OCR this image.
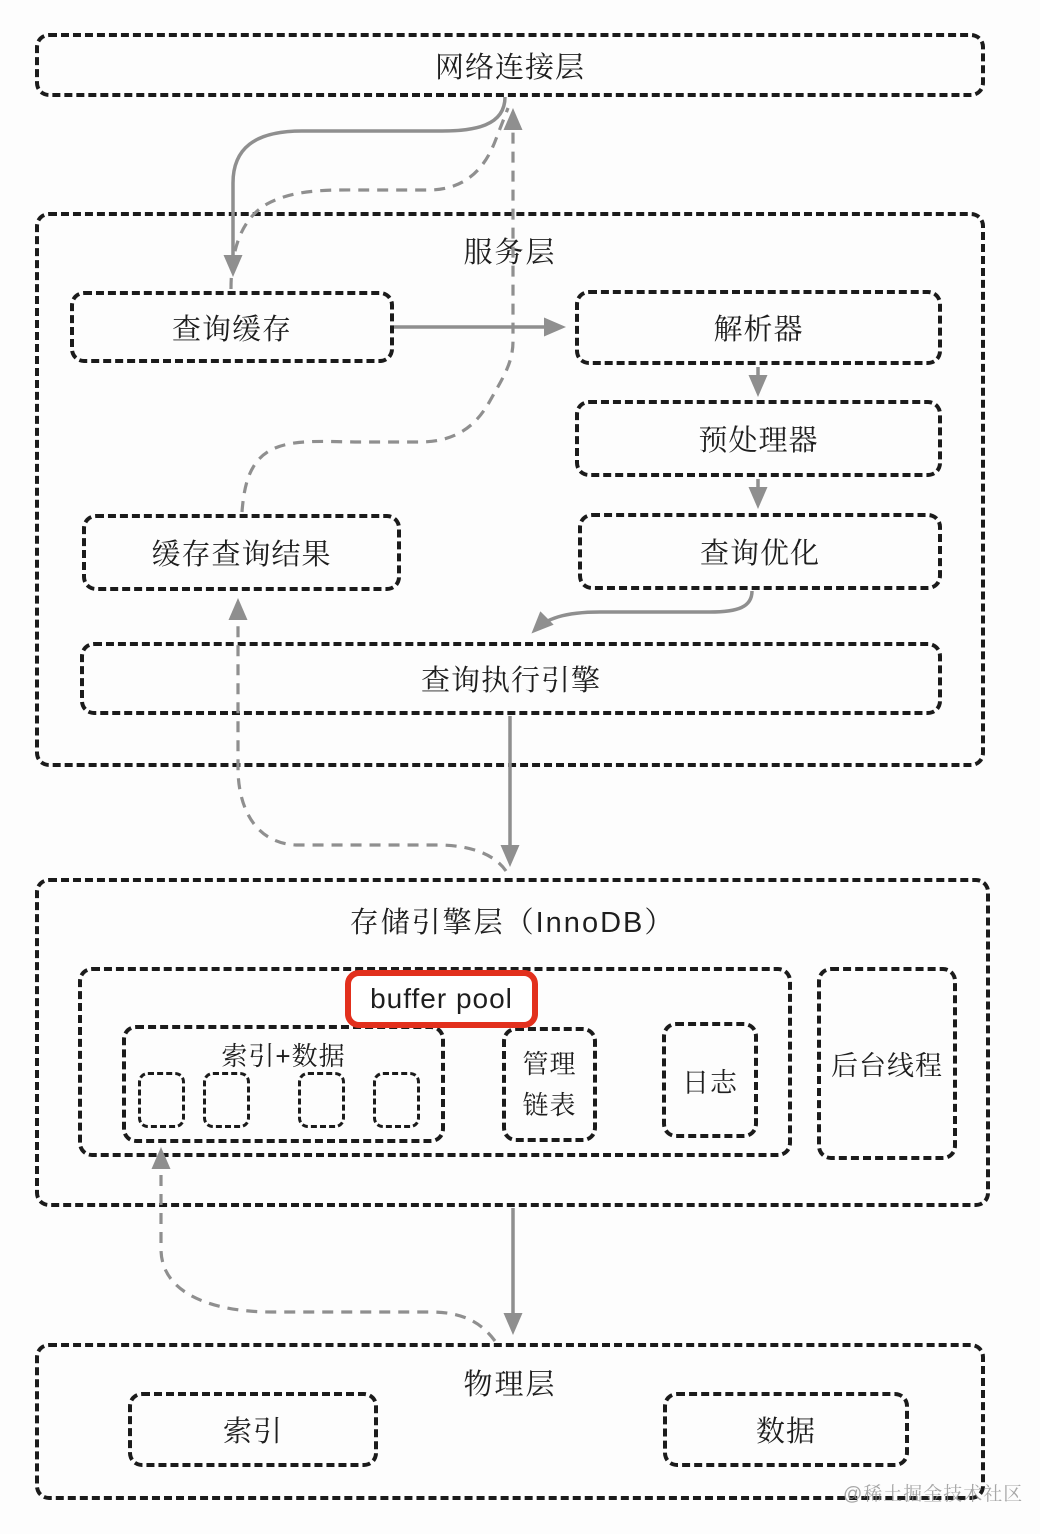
网络连接层
服务层
查询缓存	解析器
预处理器
缓存查询结果	查询优化
查询执行引擎
存储引擎层（InnoDB）
buffer pool
索引+数据	管理链表
日志
后台线程
物理层
索引	数据
@稀土掘金技术社区
